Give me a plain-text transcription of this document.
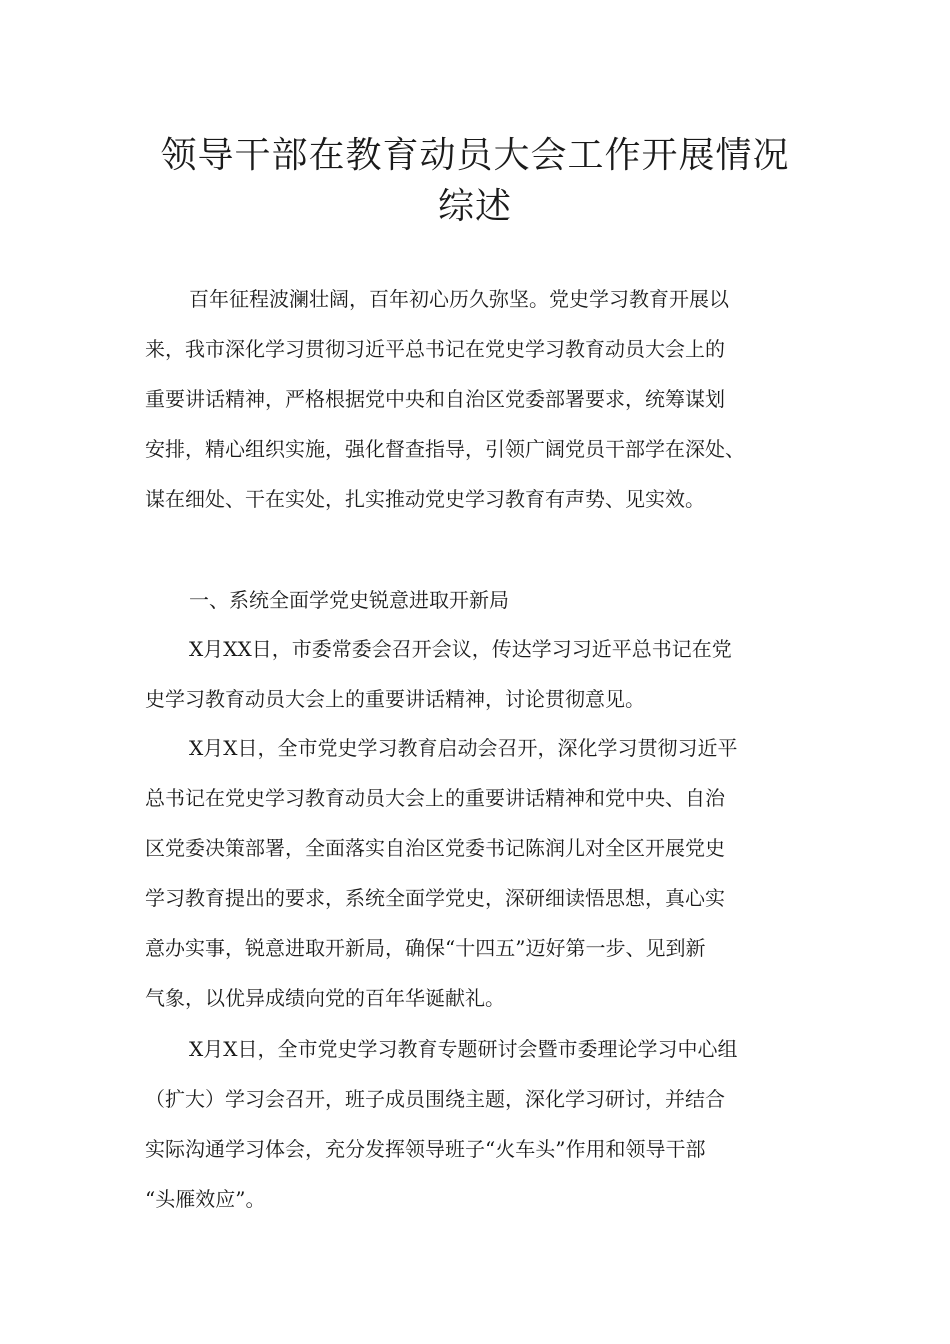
领导干部在教育动员大会工作开展情况
综述
百年征程波澜壮阔，百年初心历久弥坚。党史学习教育开展以
来，我市深化学习贯彻习近平总书记在党史学习教育动员大会上的
重要讲话精神，严格根据党中央和自治区党委部署要求，统筹谋划
安排，精心组织实施，强化督查指导，引领广阔党员干部学在深处、
谋在细处、干在实处，扎实推动党史学习教育有声势、见实效。
一、系统全面学党史锐意进取开新局
X月XX日，市委常委会召开会议，传达学习习近平总书记在党
史学习教育动员大会上的重要讲话精神，讨论贯彻意见。
X月X日，全市党史学习教育启动会召开，深化学习贯彻习近平
总书记在党史学习教育动员大会上的重要讲话精神和党中央、自治
区党委决策部署，全面落实自治区党委书记陈润儿对全区开展党史
学习教育提出的要求，系统全面学党史，深研细读悟思想，真心实
意办实事，锐意进取开新局，确保“十四五”迈好第一步、见到新
气象，以优异成绩向党的百年华诞献礼。
X月X日，全市党史学习教育专题研讨会暨市委理论学习中心组
（扩大）学习会召开，班子成员围绕主题，深化学习研讨，并结合
实际沟通学习体会，充分发挥领导班子“火车头”作用和领导干部
“头雁效应”。
